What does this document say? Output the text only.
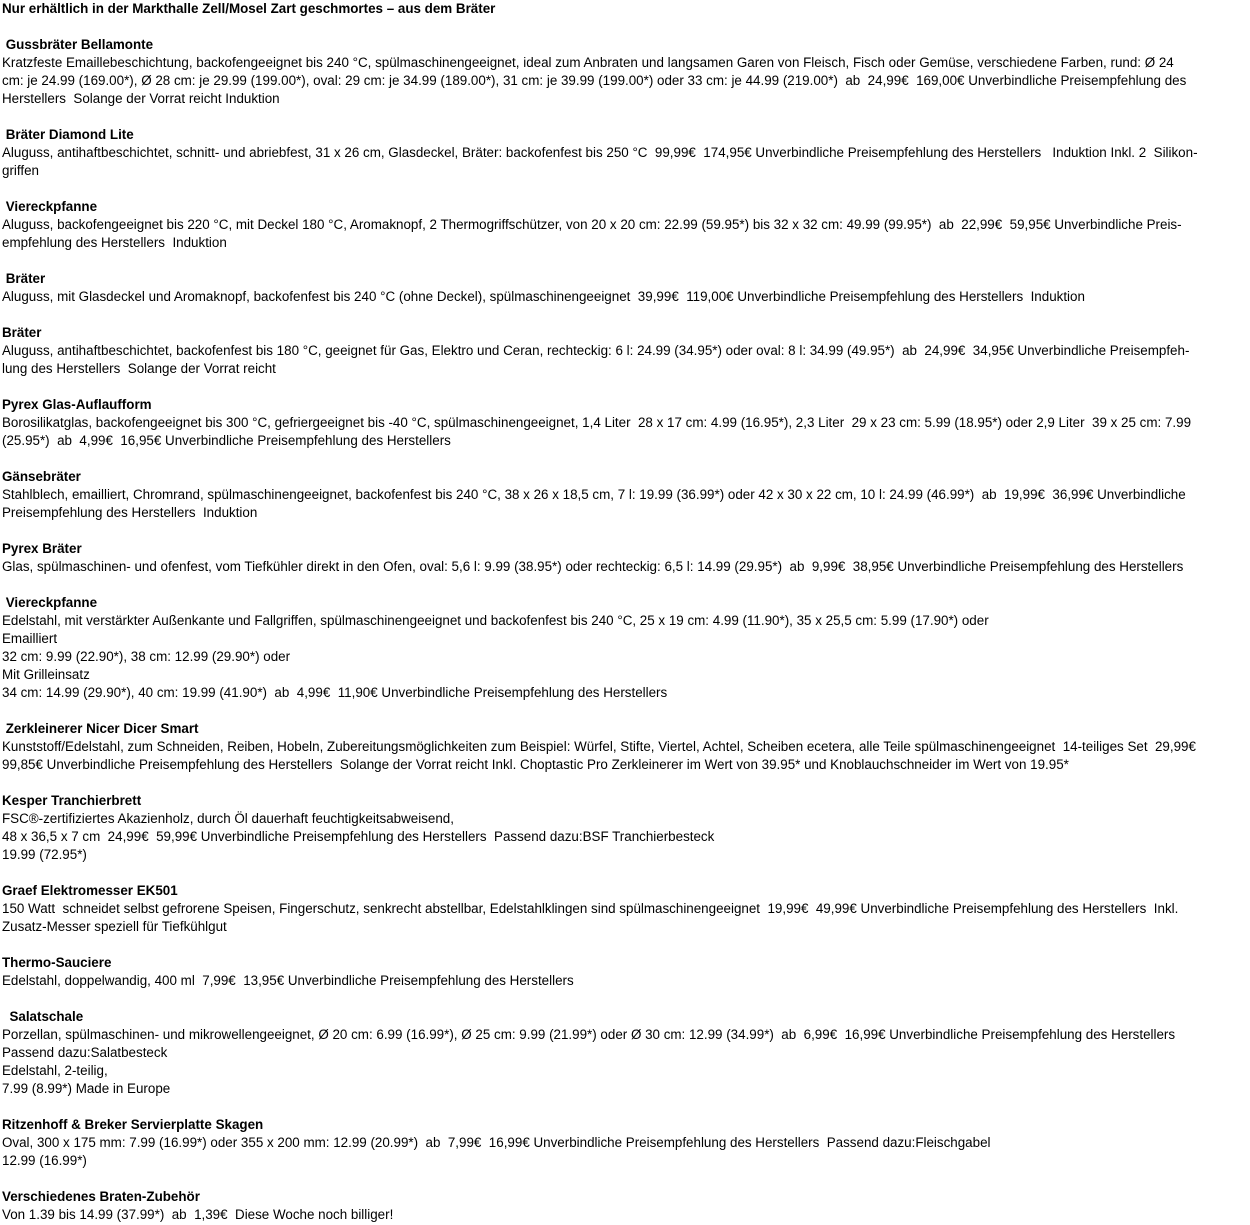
Nur erhältlich in der Markthalle Zell/Mosel Zart geschmortes – aus dem Bräter
Gussbräter Bellamonte
Kratzfeste Emaillebeschichtung, backofengeeignet bis 240 °C, spülmaschinengeeignet, ideal zum Anbraten und langsamen Garen von Fleisch, Fisch oder Gemüse, verschiedene Farben, rund: Ø 24
cm: je 24.99 (169.00*), Ø 28 cm: je 29.99 (199.00*), oval: 29 cm: je 34.99 (189.00*), 31 cm: je 39.99 (199.00*) oder 33 cm: je 44.99 (219.00*)  ab  24,99€  169,00€ Unverbindliche Preisempfehlung des
Herstellers  Solange der Vorrat reicht Induktion
Bräter Diamond Lite
Aluguss, antihaftbeschichtet, schnitt- und abriebfest, 31 x 26 cm, Glasdeckel, Bräter: backofenfest bis 250 °C  99,99€  174,95€ Unverbindliche Preisempfehlung des Herstellers   Induktion Inkl. 2  Silikon-
griffen
Viereckpfanne
Aluguss, backofengeeignet bis 220 °C, mit Deckel 180 °C, Aromaknopf, 2 Thermogriffschützer, von 20 x 20 cm: 22.99 (59.95*) bis 32 x 32 cm: 49.99 (99.95*)  ab  22,99€  59,95€ Unverbindliche Preis-
empfehlung des Herstellers  Induktion
Bräter
Aluguss, mit Glasdeckel und Aromaknopf, backofenfest bis 240 °C (ohne Deckel), spülmaschinengeeignet  39,99€  119,00€ Unverbindliche Preisempfehlung des Herstellers  Induktion
Bräter
Aluguss, antihaftbeschichtet, backofenfest bis 180 °C, geeignet für Gas, Elektro und Ceran, rechteckig: 6 l: 24.99 (34.95*) oder oval: 8 l: 34.99 (49.95*)  ab  24,99€  34,95€ Unverbindliche Preisempfeh-
lung des Herstellers  Solange der Vorrat reicht
Pyrex Glas-Auflaufform
Borosilikatglas, backofengeeignet bis 300 °C, gefriergeeignet bis -40 °C, spülmaschinengeeignet, 1,4 Liter  28 x 17 cm: 4.99 (16.95*), 2,3 Liter  29 x 23 cm: 5.99 (18.95*) oder 2,9 Liter  39 x 25 cm: 7.99
(25.95*)  ab  4,99€  16,95€ Unverbindliche Preisempfehlung des Herstellers
Gänsebräter
Stahlblech, emailliert, Chromrand, spülmaschinengeeignet, backofenfest bis 240 °C, 38 x 26 x 18,5 cm, 7 l: 19.99 (36.99*) oder 42 x 30 x 22 cm, 10 l: 24.99 (46.99*)  ab  19,99€  36,99€ Unverbindliche
Preisempfehlung des Herstellers  Induktion
Pyrex Bräter
Glas, spülmaschinen- und ofenfest, vom Tiefkühler direkt in den Ofen, oval: 5,6 l: 9.99 (38.95*) oder rechteckig: 6,5 l: 14.99 (29.95*)  ab  9,99€  38,95€ Unverbindliche Preisempfehlung des Herstellers
Viereckpfanne
Edelstahl, mit verstärkter Außenkante und Fallgriffen, spülmaschinengeeignet und backofenfest bis 240 °C, 25 x 19 cm: 4.99 (11.90*), 35 x 25,5 cm: 5.99 (17.90*) oder
Emailliert
32 cm: 9.99 (22.90*), 38 cm: 12.99 (29.90*) oder
Mit Grilleinsatz
34 cm: 14.99 (29.90*), 40 cm: 19.99 (41.90*)  ab  4,99€  11,90€ Unverbindliche Preisempfehlung des Herstellers
Zerkleinerer Nicer Dicer Smart
Kunststoff/Edelstahl, zum Schneiden, Reiben, Hobeln, Zubereitungsmöglichkeiten zum Beispiel: Würfel, Stifte, Viertel, Achtel, Scheiben ecetera, alle Teile spülmaschinengeeignet  14-teiliges Set  29,99€
99,85€ Unverbindliche Preisempfehlung des Herstellers  Solange der Vorrat reicht Inkl. Choptastic Pro Zerkleinerer im Wert von 39.95* und Knoblauchschneider im Wert von 19.95*
Kesper Tranchierbrett
FSC®-zertifiziertes Akazienholz, durch Öl dauerhaft feuchtigkeitsabweisend,
48 x 36,5 x 7 cm  24,99€  59,99€ Unverbindliche Preisempfehlung des Herstellers  Passend dazu:BSF Tranchierbesteck
19.99 (72.95*)
Graef Elektromesser EK501
150 Watt  schneidet selbst gefrorene Speisen, Fingerschutz, senkrecht abstellbar, Edelstahlklingen sind spülmaschinengeeignet  19,99€  49,99€ Unverbindliche Preisempfehlung des Herstellers  Inkl.
Zusatz-Messer speziell für Tiefkühlgut
Thermo-Sauciere
Edelstahl, doppelwandig, 400 ml  7,99€  13,95€ Unverbindliche Preisempfehlung des Herstellers
Salatschale
Porzellan, spülmaschinen- und mikrowellengeeignet, Ø 20 cm: 6.99 (16.99*), Ø 25 cm: 9.99 (21.99*) oder Ø 30 cm: 12.99 (34.99*)  ab  6,99€  16,99€ Unverbindliche Preisempfehlung des Herstellers
Passend dazu:Salatbesteck
Edelstahl, 2-teilig,
7.99 (8.99*) Made in Europe
Ritzenhoff & Breker Servierplatte Skagen
Oval, 300 x 175 mm: 7.99 (16.99*) oder 355 x 200 mm: 12.99 (20.99*)  ab  7,99€  16,99€ Unverbindliche Preisempfehlung des Herstellers  Passend dazu:Fleischgabel
12.99 (16.99*)
Verschiedenes Braten-Zubehör
Von 1.39 bis 14.99 (37.99*)  ab  1,39€  Diese Woche noch billiger!
